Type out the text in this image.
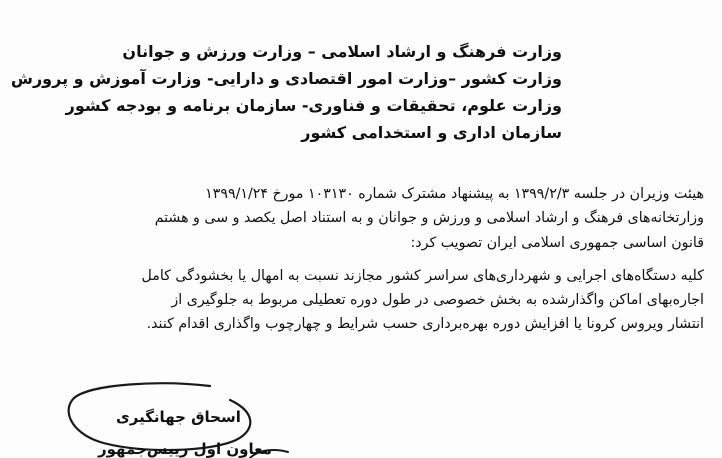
وزارت فرهنگ و ارشاد اسلامی – وزارت ورزش و جوانان
وزارت کشور –وزارت امور اقتصادی و دارایی- وزارت آموزش و پرورش
وزارت علوم، تحقیقات و فناوری- سازمان برنامه و بودجه کشور
سازمان اداری و استخدامی کشور
هیئت وزیران در جلسه ۱۳۹۹/۲/۳ به پیشنهاد مشترک شماره ۱۰۳۱۳۰ مورخ ۱۳۹۹/۱/۲۴
وزارتخانه‌های فرهنگ و ارشاد اسلامی و ورزش و جوانان و به استناد اصل یکصد و سی و هشتم
قانون اساسی جمهوری اسلامی ایران تصویب کرد:
کلیه دستگاه‌های اجرایی و شهرداری‌های سراسر کشور مجازند نسبت به امهال یا بخشودگی کامل
اجاره‌بهای اماکن واگذارشده به بخش خصوصی در طول دوره تعطیلی مربوط به جلوگیری از
انتشار ویروس کرونا یا افزایش دوره بهره‌برداری حسب شرایط و چهارچوب واگذاری اقدام کنند.
اسحاق جهانگیری
معاون اول رییس‌جمهور
